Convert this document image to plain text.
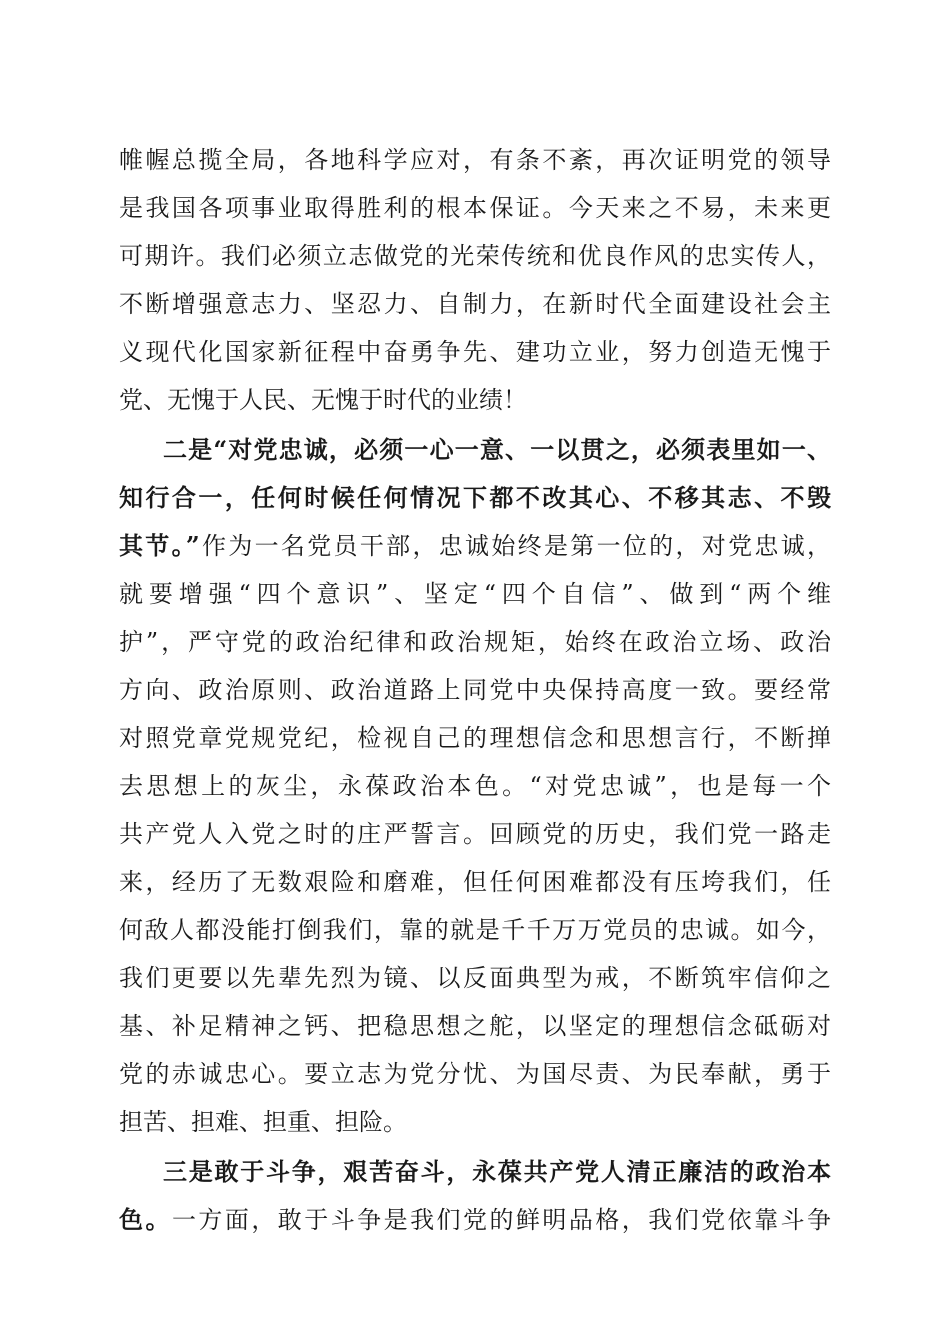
帷幄总揽全局，各地科学应对，有条不紊，再次证明党的领导
是我国各项事业取得胜利的根本保证。今天来之不易，未来更
可期许。我们必须立志做党的光荣传统和优良作风的忠实传人，
不断增强意志力、坚忍力、自制力，在新时代全面建设社会主
义现代化国家新征程中奋勇争先、建功立业，努力创造无愧于
党、无愧于人民、无愧于时代的业绩！
二是“对党忠诚，必须一心一意、一以贯之，必须表里如一、
知行合一，任何时候任何情况下都不改其心、不移其志、不毁
其节。”作为一名党员干部，忠诚始终是第一位的，对党忠诚，
就要增强“四个意识”、坚定“四个自信”、做到“两个维
护”，严守党的政治纪律和政治规矩，始终在政治立场、政治
方向、政治原则、政治道路上同党中央保持高度一致。要经常
对照党章党规党纪，检视自己的理想信念和思想言行，不断掸
去思想上的灰尘，永葆政治本色。“对党忠诚”，也是每一个
共产党人入党之时的庄严誓言。回顾党的历史，我们党一路走
来，经历了无数艰险和磨难，但任何困难都没有压垮我们，任
何敌人都没能打倒我们，靠的就是千千万万党员的忠诚。如今，
我们更要以先辈先烈为镜、以反面典型为戒，不断筑牢信仰之
基、补足精神之钙、把稳思想之舵，以坚定的理想信念砥砺对
党的赤诚忠心。要立志为党分忧、为国尽责、为民奉献，勇于
担苦、担难、担重、担险。
三是敢于斗争，艰苦奋斗，永葆共产党人清正廉洁的政治本
色。一方面，敢于斗争是我们党的鲜明品格，我们党依靠斗争
